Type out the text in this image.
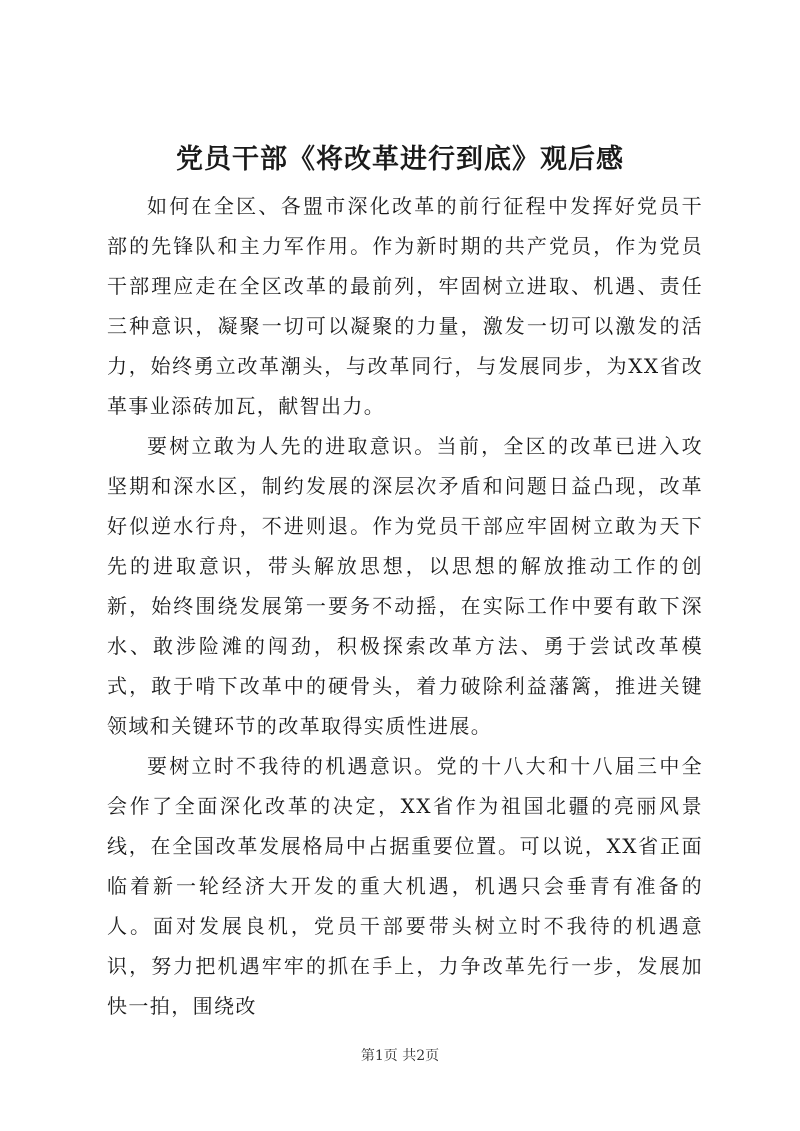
党员干部《将改革进行到底》观后感

如何在全区、各盟市深化改革的前行征程中发挥好党员干部的先锋队和主力军作用。作为新时期的共产党员，作为党员干部理应走在全区改革的最前列，牢固树立进取、机遇、责任三种意识，凝聚一切可以凝聚的力量，激发一切可以激发的活力，始终勇立改革潮头，与改革同行，与发展同步，为XX省改革事业添砖加瓦，献智出力。

要树立敢为人先的进取意识。当前，全区的改革已进入攻坚期和深水区，制约发展的深层次矛盾和问题日益凸现，改革好似逆水行舟，不进则退。作为党员干部应牢固树立敢为天下先的进取意识，带头解放思想，以思想的解放推动工作的创新，始终围绕发展第一要务不动摇，在实际工作中要有敢下深水、敢涉险滩的闯劲，积极探索改革方法、勇于尝试改革模式，敢于啃下改革中的硬骨头，着力破除利益藩篱，推进关键领域和关键环节的改革取得实质性进展。

要树立时不我待的机遇意识。党的十八大和十八届三中全会作了全面深化改革的决定，XX省作为祖国北疆的亮丽风景线，在全国改革发展格局中占据重要位置。可以说，XX省正面临着新一轮经济大开发的重大机遇，机遇只会垂青有准备的人。面对发展良机，党员干部要带头树立时不我待的机遇意识，努力把机遇牢牢的抓在手上，力争改革先行一步，发展加快一拍，围绕改

第1页 共2页
